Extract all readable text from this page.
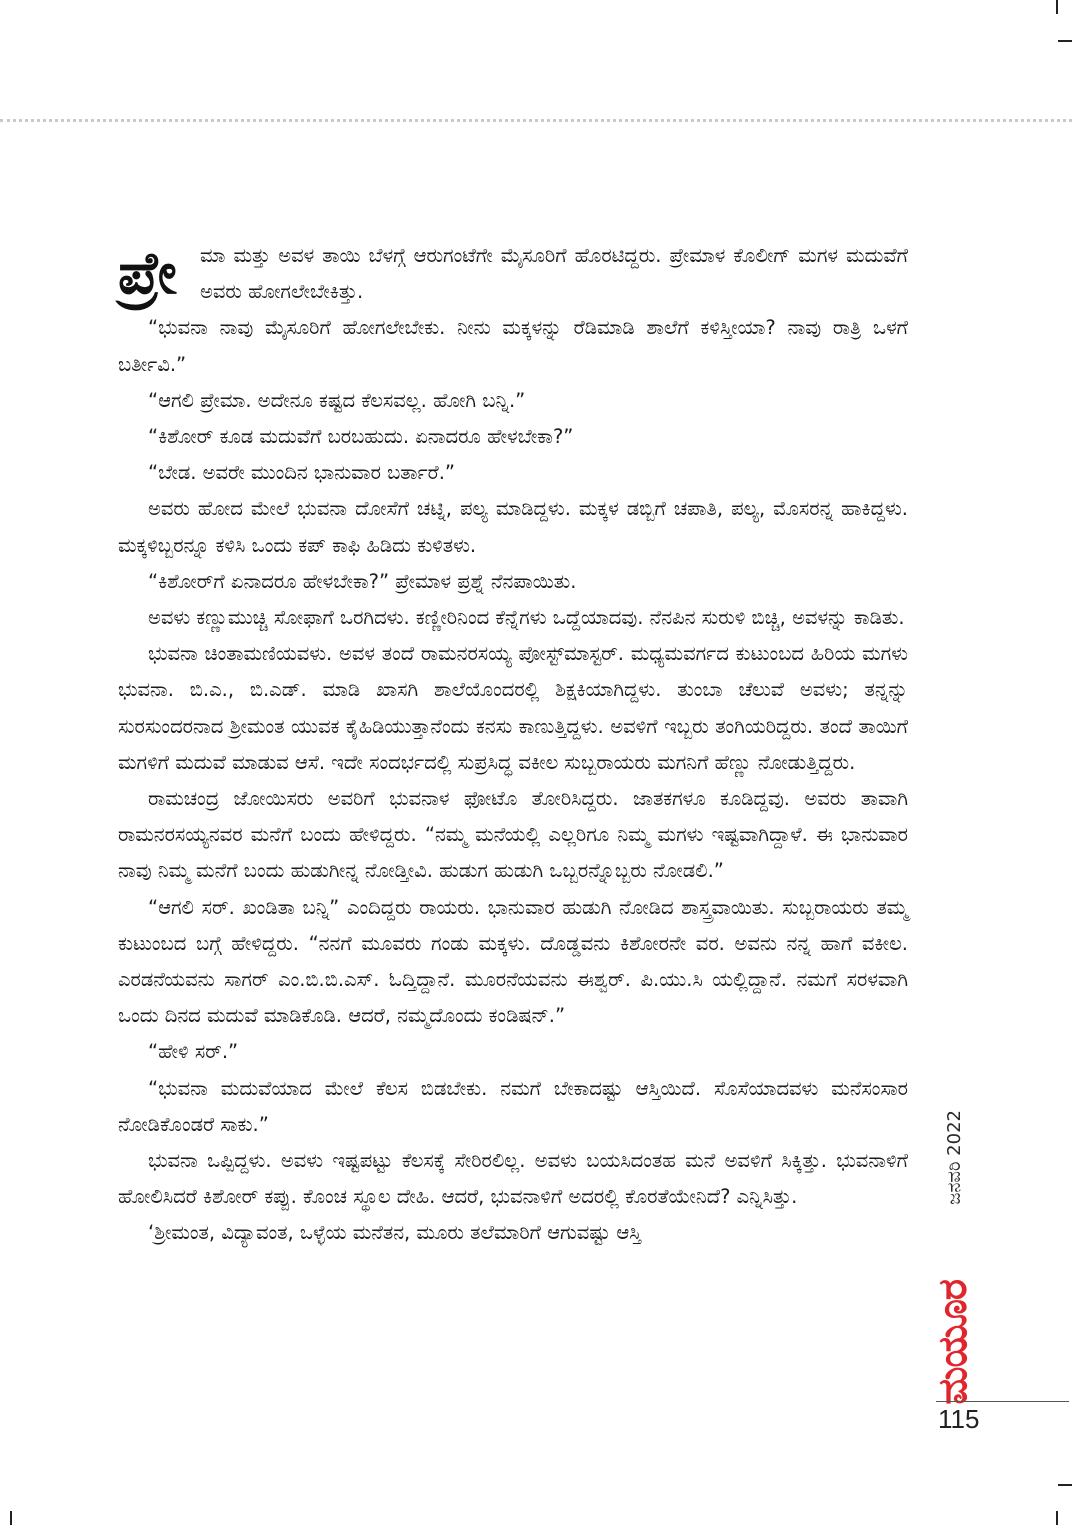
ಪ್ರೇ	ಮಾ ಮತ್ತು ಅವಳ ತಾಯಿ ಬೆಳಗ್ಗೆ ಆರುಗಂಟೆಗೇ ಮೈಸೂರಿಗೆ ಹೊರಟಿದ್ದರು. ಪ್ರೇಮಾಳ ಕೊಲೀಗ್ ಮಗಳ ಮದುವೆಗೆ ಅವರು ಹೋಗಲೇಬೇಕಿತ್ತು.

“ಭುವನಾ ನಾವು ಮೈಸೂರಿಗೆ ಹೋಗಲೇಬೇಕು. ನೀನು ಮಕ್ಕಳನ್ನು ರೆಡಿಮಾಡಿ ಶಾಲೆಗೆ ಕಳಿಸ್ತೀಯಾ? ನಾವು ರಾತ್ರಿ ಒಳಗೆ ಬರ್ತೀವಿ.”

“ಆಗಲಿ ಪ್ರೇಮಾ. ಅದೇನೂ ಕಷ್ಟದ ಕೆಲಸವಲ್ಲ. ಹೋಗಿ ಬನ್ನಿ.”

“ಕಿಶೋರ್ ಕೂಡ ಮದುವೆಗೆ ಬರಬಹುದು. ಏನಾದರೂ ಹೇಳಬೇಕಾ?”

“ಬೇಡ. ಅವರೇ ಮುಂದಿನ ಭಾನುವಾರ ಬರ್ತಾರೆ.”

ಅವರು ಹೋದ ಮೇಲೆ ಭುವನಾ ದೋಸೆಗೆ ಚಟ್ನಿ, ಪಲ್ಯ ಮಾಡಿದ್ದಳು. ಮಕ್ಕಳ ಡಬ್ಬಿಗೆ ಚಪಾತಿ, ಪಲ್ಯ, ಮೊಸರನ್ನ ಹಾಕಿದ್ದಳು. ಮಕ್ಕಳಿಬ್ಬರನ್ನೂ ಕಳಿಸಿ ಒಂದು ಕಪ್ ಕಾಫಿ ಹಿಡಿದು ಕುಳಿತಳು.

“ಕಿಶೋರ್‌ಗೆ ಏನಾದರೂ ಹೇಳಬೇಕಾ?” ಪ್ರೇಮಾಳ ಪ್ರಶ್ನೆ ನೆನಪಾಯಿತು.

ಅವಳು ಕಣ್ಣುಮುಚ್ಚಿ ಸೋಫಾಗೆ ಒರಗಿದಳು. ಕಣ್ಣೀರಿನಿಂದ ಕೆನ್ನೆಗಳು ಒದ್ದೆಯಾದವು. ನೆನಪಿನ ಸುರುಳಿ ಬಿಚ್ಚಿ, ಅವಳನ್ನು ಕಾಡಿತು.

ಭುವನಾ ಚಿಂತಾಮಣಿಯವಳು. ಅವಳ ತಂದೆ ರಾಮನರಸಯ್ಯ ಪೋಸ್ಟ್‌ಮಾಸ್ಟರ್. ಮಧ್ಯಮವರ್ಗದ ಕುಟುಂಬದ ಹಿರಿಯ ಮಗಳು ಭುವನಾ. ಬಿ.ಎ., ಬಿ.ಎಡ್. ಮಾಡಿ ಖಾಸಗಿ ಶಾಲೆಯೊಂದರಲ್ಲಿ ಶಿಕ್ಷಕಿಯಾಗಿದ್ದಳು. ತುಂಬಾ ಚೆಲುವೆ ಅವಳು; ತನ್ನನ್ನು ಸುರಸುಂದರನಾದ ಶ್ರೀಮಂತ ಯುವಕ ಕೈಹಿಡಿಯುತ್ತಾನೆಂದು ಕನಸು ಕಾಣುತ್ತಿದ್ದಳು. ಅವಳಿಗೆ ಇಬ್ಬರು ತಂಗಿಯರಿದ್ದರು. ತಂದೆ ತಾಯಿಗೆ ಮಗಳಿಗೆ ಮದುವೆ ಮಾಡುವ ಆಸೆ. ಇದೇ ಸಂದರ್ಭದಲ್ಲಿ ಸುಪ್ರಸಿದ್ಧ ವಕೀಲ ಸುಬ್ಬರಾಯರು ಮಗನಿಗೆ ಹೆಣ್ಣು ನೋಡುತ್ತಿದ್ದರು.

ರಾಮಚಂದ್ರ ಜೋಯಿಸರು ಅವರಿಗೆ ಭುವನಾಳ ಫೋಟೊ ತೋರಿಸಿದ್ದರು. ಜಾತಕಗಳೂ ಕೂಡಿದ್ದವು. ಅವರು ತಾವಾಗಿ ರಾಮನರಸಯ್ಯನವರ ಮನೆಗೆ ಬಂದು ಹೇಳಿದ್ದರು. “ನಮ್ಮ ಮನೆಯಲ್ಲಿ ಎಲ್ಲರಿಗೂ ನಿಮ್ಮ ಮಗಳು ಇಷ್ಟವಾಗಿದ್ದಾಳೆ. ಈ ಭಾನುವಾರ ನಾವು ನಿಮ್ಮ ಮನೆಗೆ ಬಂದು ಹುಡುಗೀನ್ನ ನೋಡ್ತೀವಿ. ಹುಡುಗ ಹುಡುಗಿ ಒಬ್ಬರನ್ನೊಬ್ಬರು ನೋಡಲಿ.”

“ಆಗಲಿ ಸರ್. ಖಂಡಿತಾ ಬನ್ನಿ” ಎಂದಿದ್ದರು ರಾಯರು. ಭಾನುವಾರ ಹುಡುಗಿ ನೋಡಿದ ಶಾಸ್ತ್ರವಾಯಿತು. ಸುಬ್ಬರಾಯರು ತಮ್ಮ ಕುಟುಂಬದ ಬಗ್ಗೆ ಹೇಳಿದ್ದರು. “ನನಗೆ ಮೂವರು ಗಂಡು ಮಕ್ಕಳು. ದೊಡ್ಡವನು ಕಿಶೋರನೇ ವರ. ಅವನು ನನ್ನ ಹಾಗೆ ವಕೀಲ. ಎರಡನೆಯವನು ಸಾಗರ್ ಎಂ.ಬಿ.ಬಿ.ಎಸ್. ಓದ್ತಿದ್ದಾನೆ. ಮೂರನೆಯವನು ಈಶ್ವರ್. ಪಿ.ಯು.ಸಿ ಯಲ್ಲಿದ್ದಾನೆ. ನಮಗೆ ಸರಳವಾಗಿ ಒಂದು ದಿನದ ಮದುವೆ ಮಾಡಿಕೊಡಿ. ಆದರೆ, ನಮ್ಮದೊಂದು ಕಂಡಿಷನ್.”

“ಹೇಳಿ ಸರ್.”

“ಭುವನಾ ಮದುವೆಯಾದ ಮೇಲೆ ಕೆಲಸ ಬಿಡಬೇಕು. ನಮಗೆ ಬೇಕಾದಷ್ಟು ಆಸ್ತಿಯಿದೆ. ಸೊಸೆಯಾದವಳು ಮನೆಸಂಸಾರ ನೋಡಿಕೊಂಡರೆ ಸಾಕು.”

ಭುವನಾ ಒಪ್ಪಿದ್ದಳು. ಅವಳು ಇಷ್ಟಪಟ್ಟು ಕೆಲಸಕ್ಕೆ ಸೇರಿರಲಿಲ್ಲ. ಅವಳು ಬಯಸಿದಂತಹ ಮನೆ ಅವಳಿಗೆ ಸಿಕ್ಕಿತ್ತು. ಭುವನಾಳಿಗೆ ಹೋಲಿಸಿದರೆ ಕಿಶೋರ್ ಕಪ್ಪು. ಕೊಂಚ ಸ್ಥೂಲ ದೇಹಿ. ಆದರೆ, ಭುವನಾಳಿಗೆ ಅದರಲ್ಲಿ ಕೊರತೆಯೇನಿದೆ? ಎನ್ನಿಸಿತ್ತು.

‘ಶ್ರೀಮಂತ, ವಿದ್ಯಾವಂತ, ಒಳ್ಳೆಯ ಮನೆತನ, ಮೂರು ತಲೆಮಾರಿಗೆ ಆಗುವಷ್ಟು ಆಸ್ತಿ

ಜನವರಿ 2022
ಮಯೂರ
115
